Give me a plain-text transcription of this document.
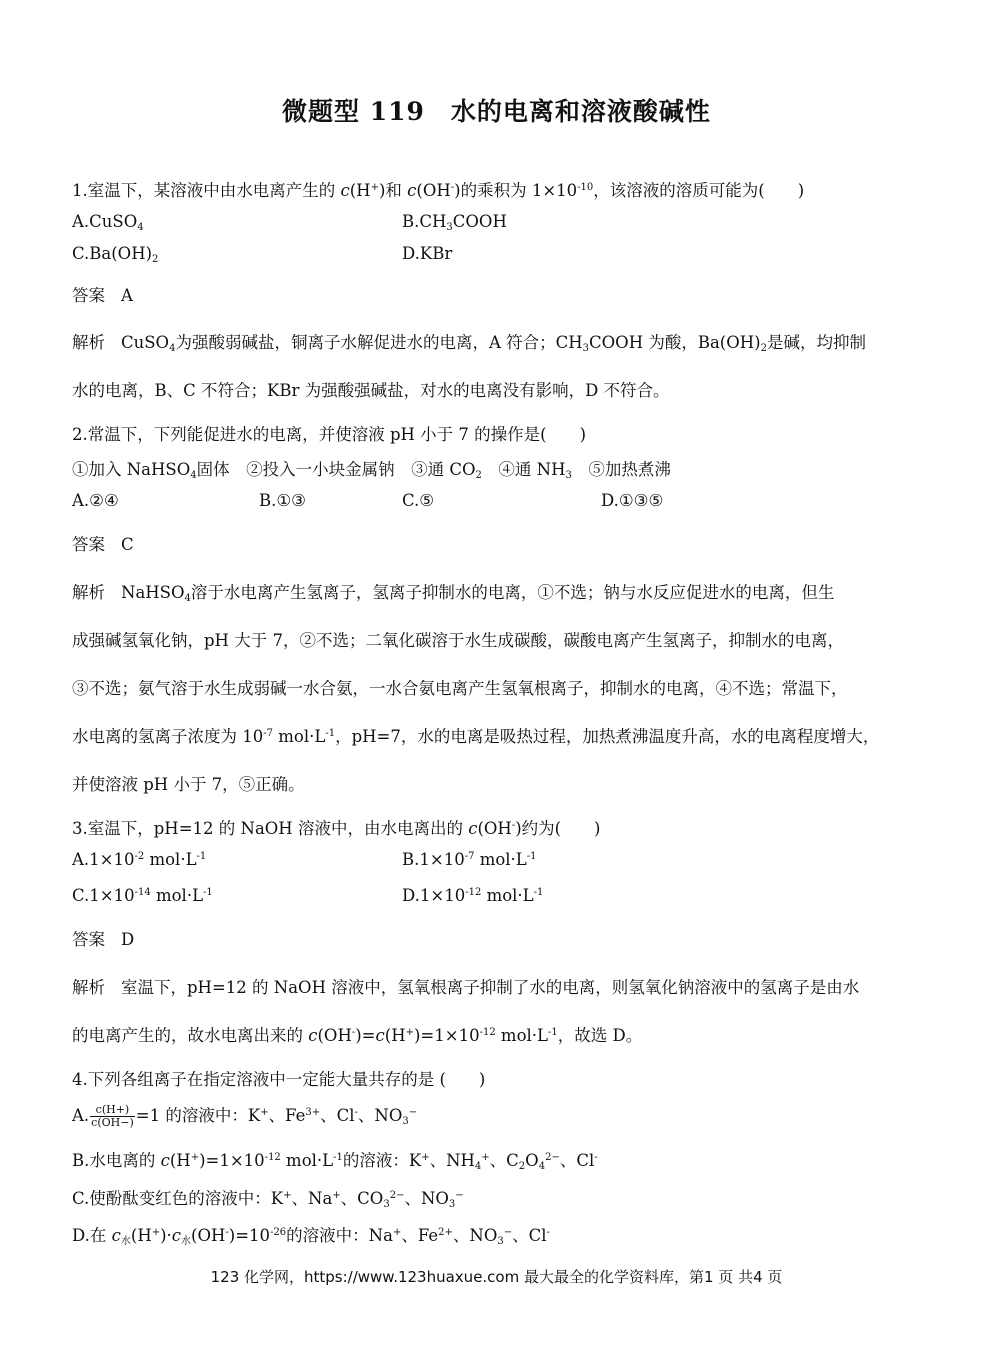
微题型 119　水的电离和溶液酸碱性
1.室温下，某溶液中由水电离产生的 c(H+)和 c(OH-)的乘积为 $1\times 10^{-10}$，该溶液的溶质可能为(　　)
A.CuSO$_4$	$B.CH_3COOH$
$C.Ba(OH)_2$	D.KBr
答案 A
解析 CuSO$_4$为强酸弱碱盐，铜离子水解促进水的电离，A 符合；$CH_3COOH$ 为酸，$Ba(OH)_2$是碱，均抑制
水的电离，B、C 不符合；KBr 为强酸强碱盐，对水的电离没有影响，D 不符合。
2.常温下，下列能促进水的电离，并使溶液 pH 小于 7 的操作是(　　)
①加入 NaHSO$_4$固体　②投入一小块金属钠　③通 $CO_2$　④通 $NH_3$　⑤加热煮沸
A.②④	B.①③	C.⑤	D.①③⑤
答案 C
解析 NaHSO$_4$溶于水电离产生氢离子，氢离子抑制水的电离，①不选；钠与水反应促进水的电离，但生
成强碱氢氧化钠，pH 大于 7，②不选；二氧化碳溶于水生成碳酸，碳酸电离产生氢离子，抑制水的电离，
③不选；氨气溶于水生成弱碱一水合氨，一水合氨电离产生氢氧根离子，抑制水的电离，④不选；常温下，
水电离的氢离子浓度为 $10^{-7}$ $mol\cdot L^{-1}$，pH=7，水的电离是吸热过程，加热煮沸温度升高，水的电离程度增大，
并使溶液 pH 小于 7，⑤正确。
3.室温下，pH=12 的 NaOH 溶液中，由水电离出的 c(OH-)约为(　　)
$A.1\times 10^{-2}$ $mol\cdot L^{-1}$	$B.1\times 10^{-7}$ $mol\cdot L^{-1}$
$C.1\times 10^{-14}$ $mol\cdot L^{-1}$	$D.1\times 10^{-12}$ $mol\cdot L^{-1}$
答案 D
解析 室温下，pH=12 的 NaOH 溶液中，氢氧根离子抑制了水的电离，则氢氧化钠溶液中的氢离子是由水
的电离产生的，故水电离出来的 $c(OH^-)=c(H^+)=1\times 10^{-12}$ $mol\cdot L^{-1}$，故选 D。
4.下列各组离子在指定溶液中一定能大量共存的是 (　　)
A. $\frac{c(H+)}{c(OH-)} =1$ 的溶液中：K+、$Fe^{3+}$、Cl-、$NO_3^-$
B.水电离的 $c(H^+)=1\times 10^{-12}$ $mol\cdot L^{-1}$的溶液：K+、$NH_4^+$、$C_2O_4^{2-}$、Cl-
C.使酚酞变红色的溶液中：K+、Na+、$CO_3^{2-}$、$NO_3^-$
D.在 $c_水(H^+)\cdot c_水(OH^-)=10^{-26}$的溶液中：Na+、$Fe^{2+}$、$NO_3^-$、Cl-
123 化学网，https://www.123huaxue.com 最大最全的化学资料库，第1 页 共4 页
